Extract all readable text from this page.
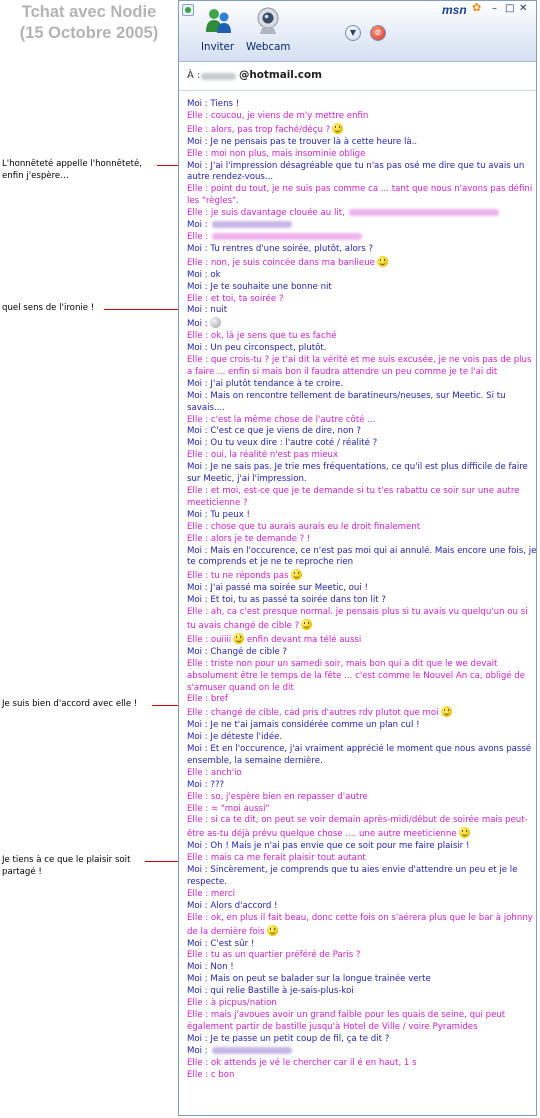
Tchat avec Nodie
(15 Octobre 2005)
L'honnêteté appelle l'honnêteté, enfin j'espère…
quel sens de l'ironie !
Je suis bien d'accord avec elle !
Je tiens à ce que le plaisir soit partagé !
msn ✿ – □ ✕
Inviter Webcam
▼	⊘
À :	@hotmail.com
Moi : Tiens !
Elle : coucou, je viens de m'y mettre enfin
Elle : alors, pas trop faché/déçu ?
Moi : Je ne pensais pas te trouver là à cette heure là..
Elle : moi non plus, mais insominie oblige
Moi : J'ai l'impression désagréable que tu n'as pas osé me dire que tu avais un autre rendez-vous...
Elle : point du tout, je ne suis pas comme ca ... tant que nous n'avons pas défini les "règles".
Elle : je suis davantage clouée au lit,
Moi :
Elle :
Moi : Tu rentres d'une soirée, plutôt, alors ?
Elle : non, je suis coincée dans ma banlieue
Moi : ok
Moi : Je te souhaite une bonne nit
Elle : et toi, ta soirée ?
Moi : nuit
Moi :
Elle : ok, là je sens que tu es faché
Moi : Un peu circonspect, plutôt.
Elle : que crois-tu ? je t'ai dit la vérité et me suis excusée, je ne vois pas de plus a faire ... enfin si mais bon il faudra attendre un peu comme je te l'ai dit
Moi : J'ai plutôt tendance à te croire.
Moi : Mais on rencontre tellement de baratineurs/neuses, sur Meetic. Si tu savais....
Elle : c'est la même chose de l'autre côté ...
Moi : C'est ce que je viens de dire, non ?
Moi : Ou tu veux dire : l'autre coté / réalité ?
Elle : oui, la réalité n'est pas mieux
Moi : Je ne sais pas. Je trie mes fréquentations, ce qu'il est plus difficile de faire sur Meetic, j'ai l'impression.
Elle : et moi, est-ce que je te demande si tu t'es rabattu ce soir sur une autre meeticienne ?
Moi : Tu peux !
Elle : chose que tu aurais aurais eu le droit finalement
Elle : alors je te demande ? !
Moi : Mais en l'occurence, ce n'est pas moi qui ai annulé. Mais encore une fois, je te comprends et je ne te reproche rien
Elle : tu ne réponds pas
Moi : J'ai passé ma soirée sur Meetic, oui !
Moi : Et toi, tu as passé ta soirée dans ton lit ?
Elle : ah, ca c'est presque normal. je pensais plus si tu avais vu quelqu'un ou si tu avais changé de cible ?
Elle : ouiiii enfin devant ma télé aussi
Moi : Changé de cible ?
Elle : triste non pour un samedi soir, mais bon qui a dit que le we devait absolument être le temps de la fête ... c'est comme le Nouvel An ca, obligé de s'amuser quand on le dit
Elle : bref
Elle : changé de cible, cad pris d'autres rdv plutot que moi
Moi : Je ne t'ai jamais considérée comme un plan cul !
Moi : Je déteste l'idée.
Moi : Et en l'occurence, j'ai vraiment apprécié le moment que nous avons passé ensemble, la semaine dernière.
Elle : anch'io
Moi : ???
Elle : so, j'espère bien en repasser d'autre
Elle : = "moi aussi"
Elle : si ca te dit, on peut se voir demain après-midi/début de soirée mais peut-être as-tu déjà prévu quelque chose .... une autre meeticienne
Moi : Oh ! Mais je n'ai pas envie que ce soit pour me faire plaisir !
Elle : mais ca me ferait plaisir tout autant
Moi : Sincèrement, je comprends que tu aies envie d'attendre un peu et je le respecte.
Elle : merci
Moi : Alors d'accord !
Elle : ok, en plus il fait beau, donc cette fois on s'aérera plus que le bar à johnny de la dernière fois
Moi : C'est sûr !
Elle : tu as un quartier préféré de Paris ?
Moi : Non !
Moi : Mais on peut se balader sur la longue trainée verte
Moi : qui relie Bastille à je-sais-plus-koi
Elle : à picpus/nation
Elle : mais j'avoues avoir un grand faible pour les quais de seine, qui peut également partir de bastille jusqu'à Hotel de Ville / voire Pyramides
Moi : Je te passe un petit coup de fil, ça te dit ?
Moi :
Elle : ok attends je vé le chercher car il é en haut, 1 s
Elle : c bon
